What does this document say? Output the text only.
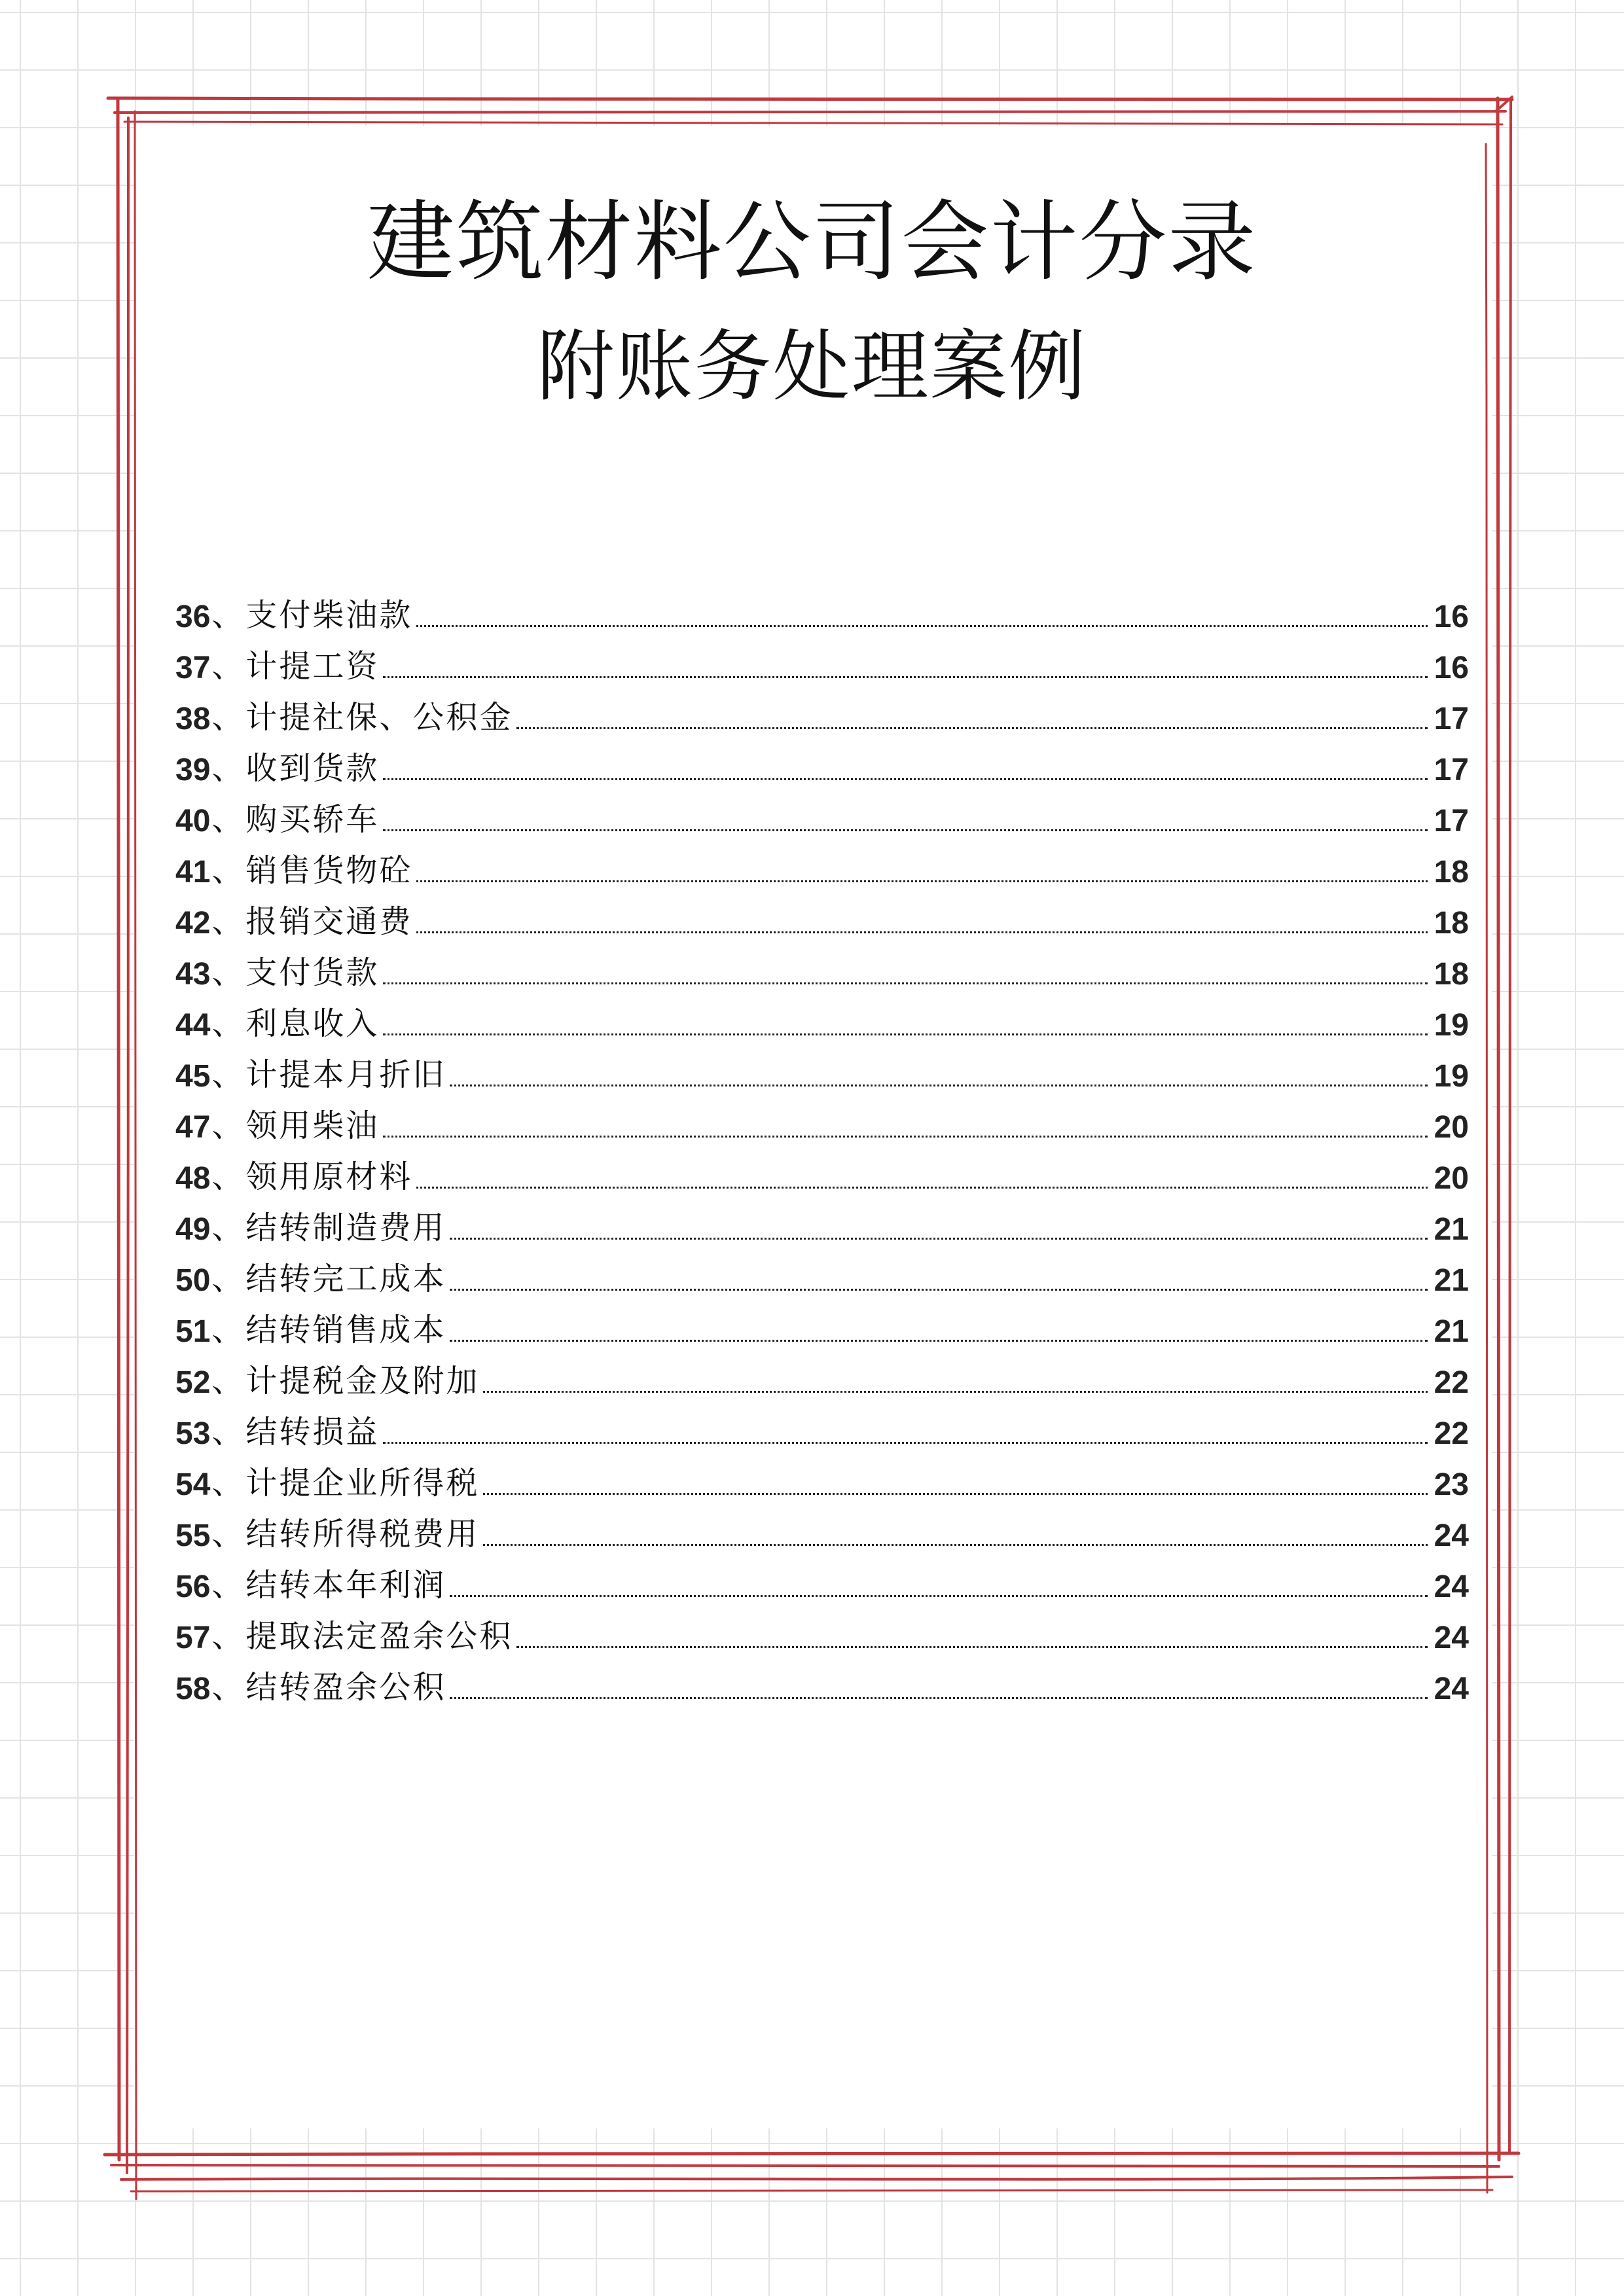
建筑材料公司会计分录
附账务处理案例
36 、 支付柴油款	16
37 、 计提工资	16
38 、 计提社保、公积金	17
39 、 收到货款	17
40 、 购买轿车	17
41 、 销售货物砼	18
42 、 报销交通费	18
43 、 支付货款	18
44 、 利息收入	19
45 、 计提本月折旧	19
47 、 领用柴油	20
48 、 领用原材料	20
49 、 结转制造费用	21
50 、 结转完工成本	21
51 、 结转销售成本	21
52 、 计提税金及附加	22
53 、 结转损益	22
54 、 计提企业所得税	23
55 、 结转所得税费用	24
56 、 结转本年利润	24
57 、 提取法定盈余公积	24
58 、 结转盈余公积	24
